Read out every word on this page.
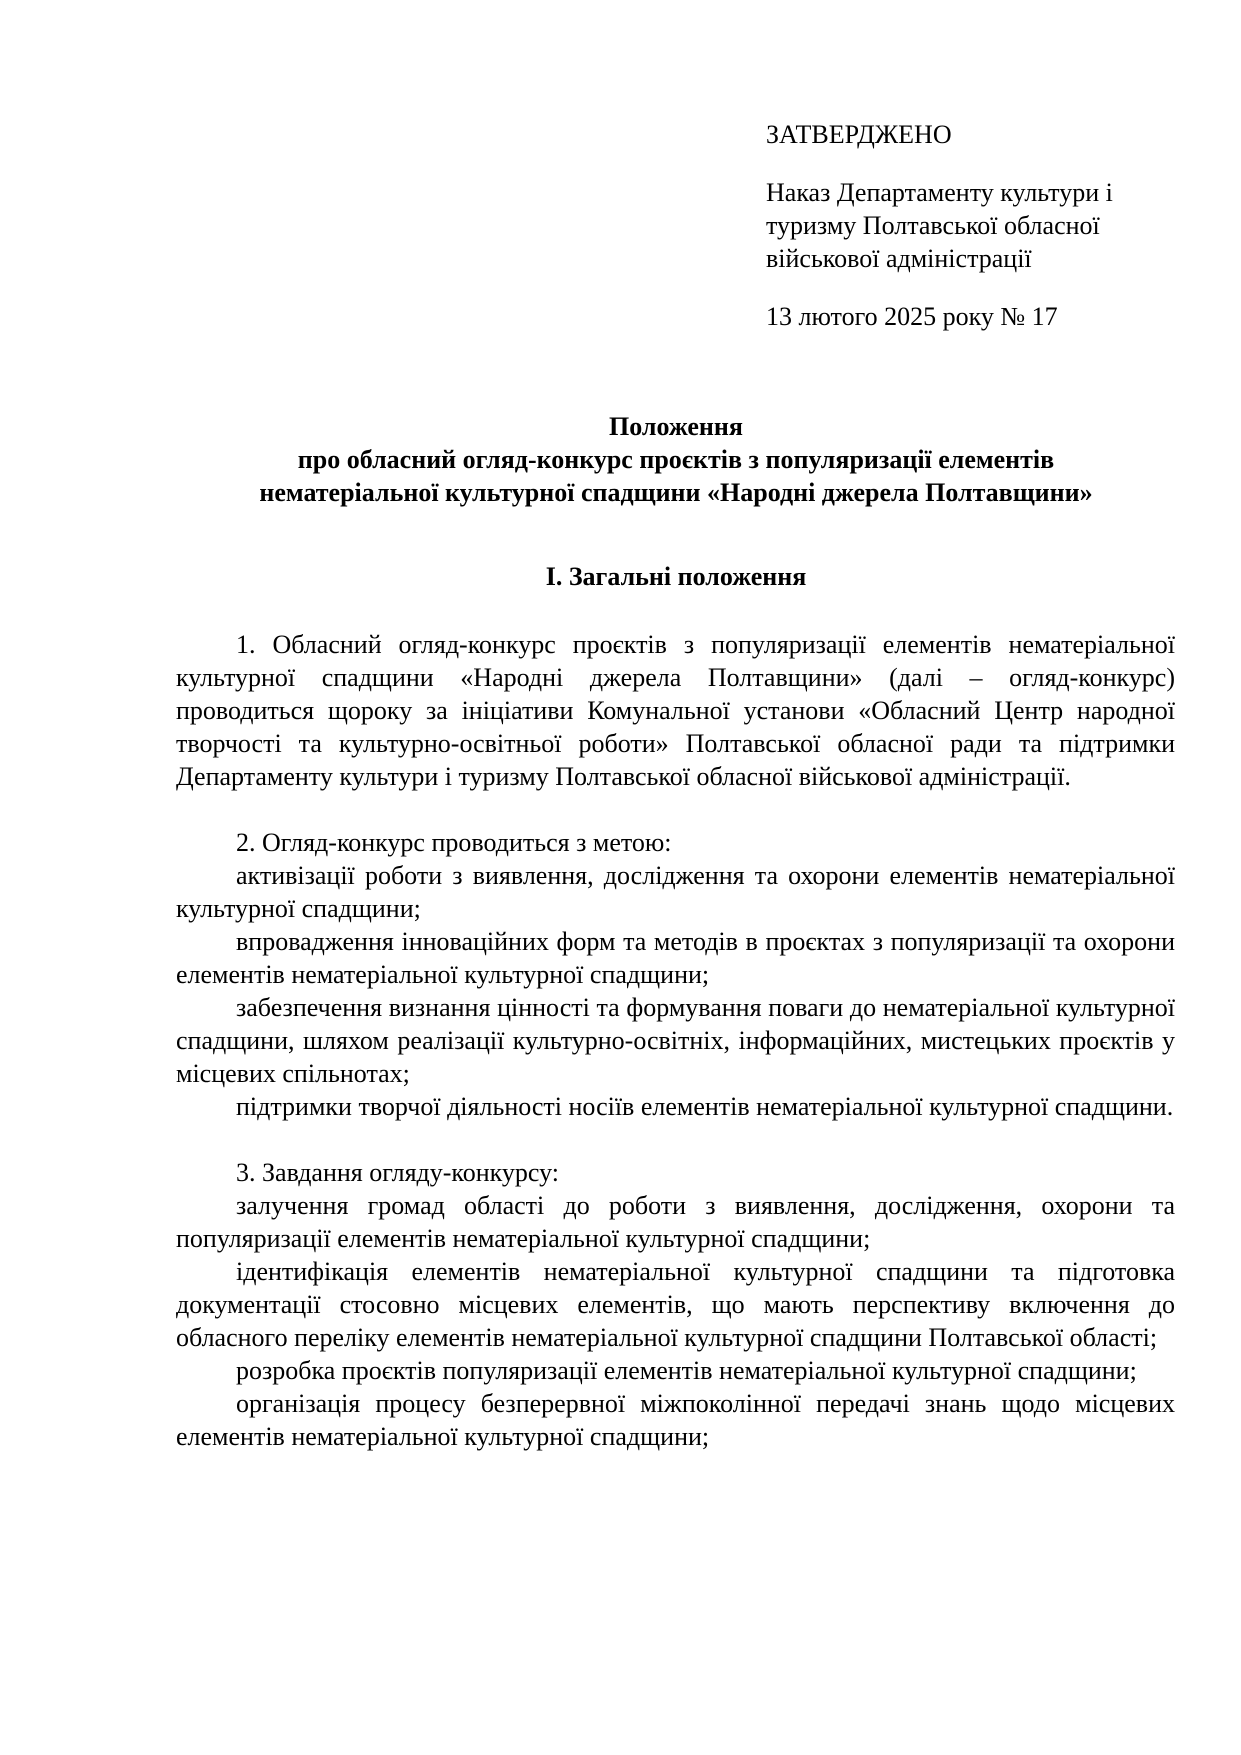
ЗАТВЕРДЖЕНО
Наказ Департаменту культури і туризму Полтавської обласної військової адміністрації
13 лютого 2025 року № 17
Положення
про обласний огляд-конкурс проєктів з популяризації елементів
нематеріальної культурної спадщини «Народні джерела Полтавщини»
І. Загальні положення

1. Обласний огляд-конкурс проєктів з популяризації елементів нематеріальної культурної спадщини «Народні джерела Полтавщини» (далі – огляд-конкурс) проводиться щороку за ініціативи Комунальної установи «Обласний Центр народної творчості та культурно-освітньої роботи» Полтавської обласної ради та підтримки Департаменту культури і туризму Полтавської обласної військової адміністрації.

2. Огляд-конкурс проводиться з метою:

активізації роботи з виявлення, дослідження та охорони елементів нематеріальної культурної спадщини;

впровадження інноваційних форм та методів в проєктах з популяризації та охорони елементів нематеріальної культурної спадщини;

забезпечення визнання цінності та формування поваги до нематеріальної культурної спадщини, шляхом реалізації культурно-освітніх, інформаційних, мистецьких проєктів у місцевих спільнотах;

підтримки творчої діяльності носіїв елементів нематеріальної культурної спадщини.

3. Завдання огляду-конкурсу:

залучення громад області до роботи з виявлення, дослідження, охорони та популяризації елементів нематеріальної культурної спадщини;

ідентифікація елементів нематеріальної культурної спадщини та підготовка документації стосовно місцевих елементів, що мають перспективу включення до обласного переліку елементів нематеріальної культурної спадщини Полтавської області;

розробка проєктів популяризації елементів нематеріальної культурної спадщини;

організація процесу безперервної міжпоколінної передачі знань щодо місцевих елементів нематеріальної культурної спадщини;
